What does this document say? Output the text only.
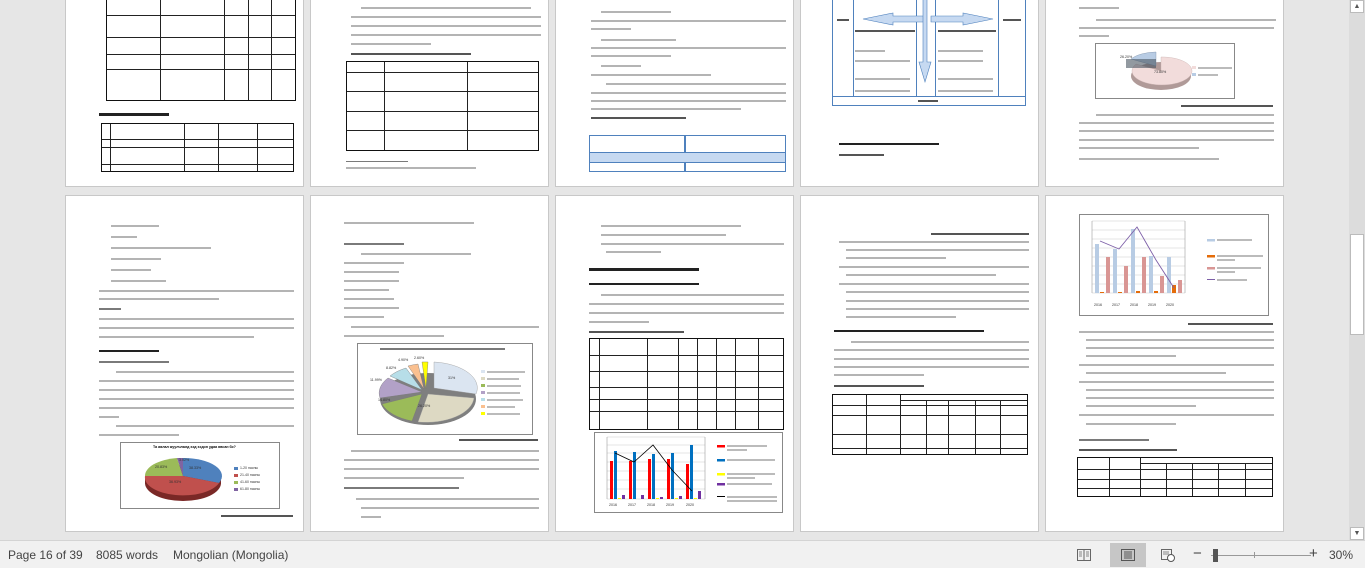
26.20%
73.80%
Та аялал жуулчлалд хэд хэдэн удаа явсан бэ?
38.33%
36.93%
20.83%
3.02%
1-20 насны
21-40 насны
41-60 насны
61-80 насны
31%
2.60%
4.90%
8.82%
11.99%
14.80%
26.20%
2016	2017	2018	2019	2020
2016	2017	2018	2019	2020
▲
▼
Page 16 of 39 8085 words Mongolian (Mongolia)	−	+ 30%
